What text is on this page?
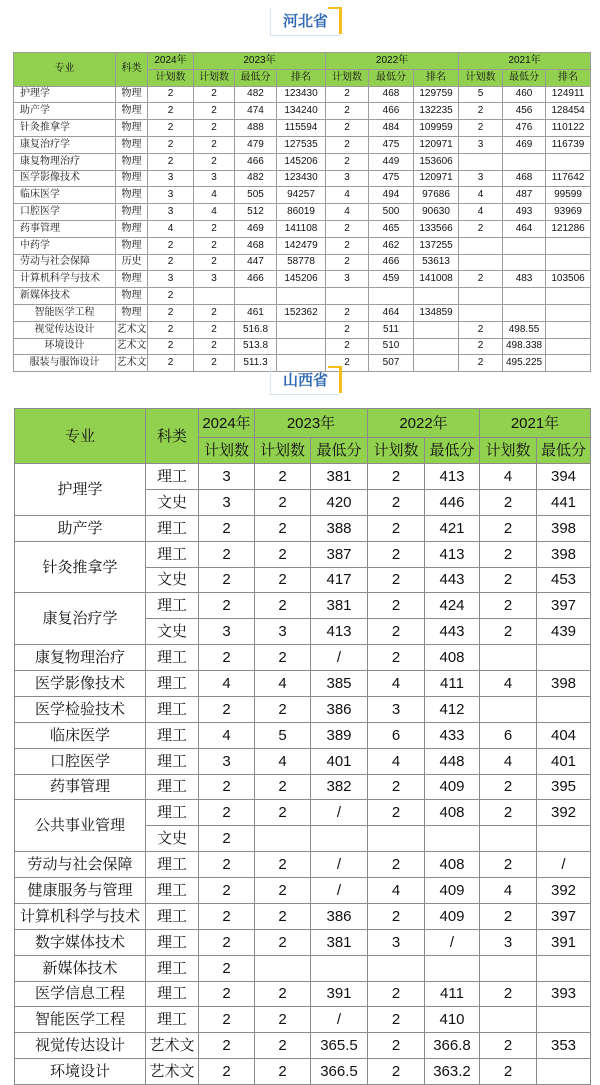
河北省
专业	科类	2024年	2023年			2022年			2021年		
		计划数	计划数	最低分	排名	计划数	最低分	排名	计划数	最低分	排名
护理学	物理	2	2	482	123430	2	468	129759	5	460	124911
助产学	物理	2	2	474	134240	2	466	132235	2	456	128454
针灸推拿学	物理	2	2	488	115594	2	484	109959	2	476	110122
康复治疗学	物理	2	2	479	127535	2	475	120971	3	469	116739
康复物理治疗	物理	2	2	466	145206	2	449	153606			
医学影像技术	物理	3	3	482	123430	3	475	120971	3	468	117642
临床医学	物理	3	4	505	94257	4	494	97686	4	487	99599
口腔医学	物理	3	4	512	86019	4	500	90630	4	493	93969
药事管理	物理	4	2	469	141108	2	465	133566	2	464	121286
中药学	物理	2	2	468	142479	2	462	137255			
劳动与社会保障	历史	2	2	447	58778	2	466	53613			
计算机科学与技术	物理	3	3	466	145206	3	459	141008	2	483	103506
新媒体技术	物理	2									
智能医学工程	物理	2	2	461	152362	2	464	134859			
视觉传达设计	艺术文	2	2	516.8		2	511		2	498.55	
环境设计	艺术文	2	2	513.8		2	510		2	498.338	
服装与服饰设计	艺术文	2	2	511.3		2	507		2	495.225	
山西省
专业	科类	2024年	2023年		2022年		2021年	
		计划数	计划数	最低分	计划数	最低分	计划数	最低分
护理学	理工	3	2	381	2	413	4	394
	文史	3	2	420	2	446	2	441
助产学	理工	2	2	388	2	421	2	398
针灸推拿学	理工	2	2	387	2	413	2	398
	文史	2	2	417	2	443	2	453
康复治疗学	理工	2	2	381	2	424	2	397
	文史	3	3	413	2	443	2	439
康复物理治疗	理工	2	2	/	2	408		
医学影像技术	理工	4	4	385	4	411	4	398
医学检验技术	理工	2	2	386	3	412		
临床医学	理工	4	5	389	6	433	6	404
口腔医学	理工	3	4	401	4	448	4	401
药事管理	理工	2	2	382	2	409	2	395
公共事业管理	理工	2	2	/	2	408	2	392
	文史	2						
劳动与社会保障	理工	2	2	/	2	408	2	/
健康服务与管理	理工	2	2	/	4	409	4	392
计算机科学与技术	理工	2	2	386	2	409	2	397
数字媒体技术	理工	2	2	381	3	/	3	391
新媒体技术	理工	2						
医学信息工程	理工	2	2	391	2	411	2	393
智能医学工程	理工	2	2	/	2	410		
视觉传达设计	艺术文	2	2	365.5	2	366.8	2	353
环境设计	艺术文	2	2	366.5	2	363.2	2	
